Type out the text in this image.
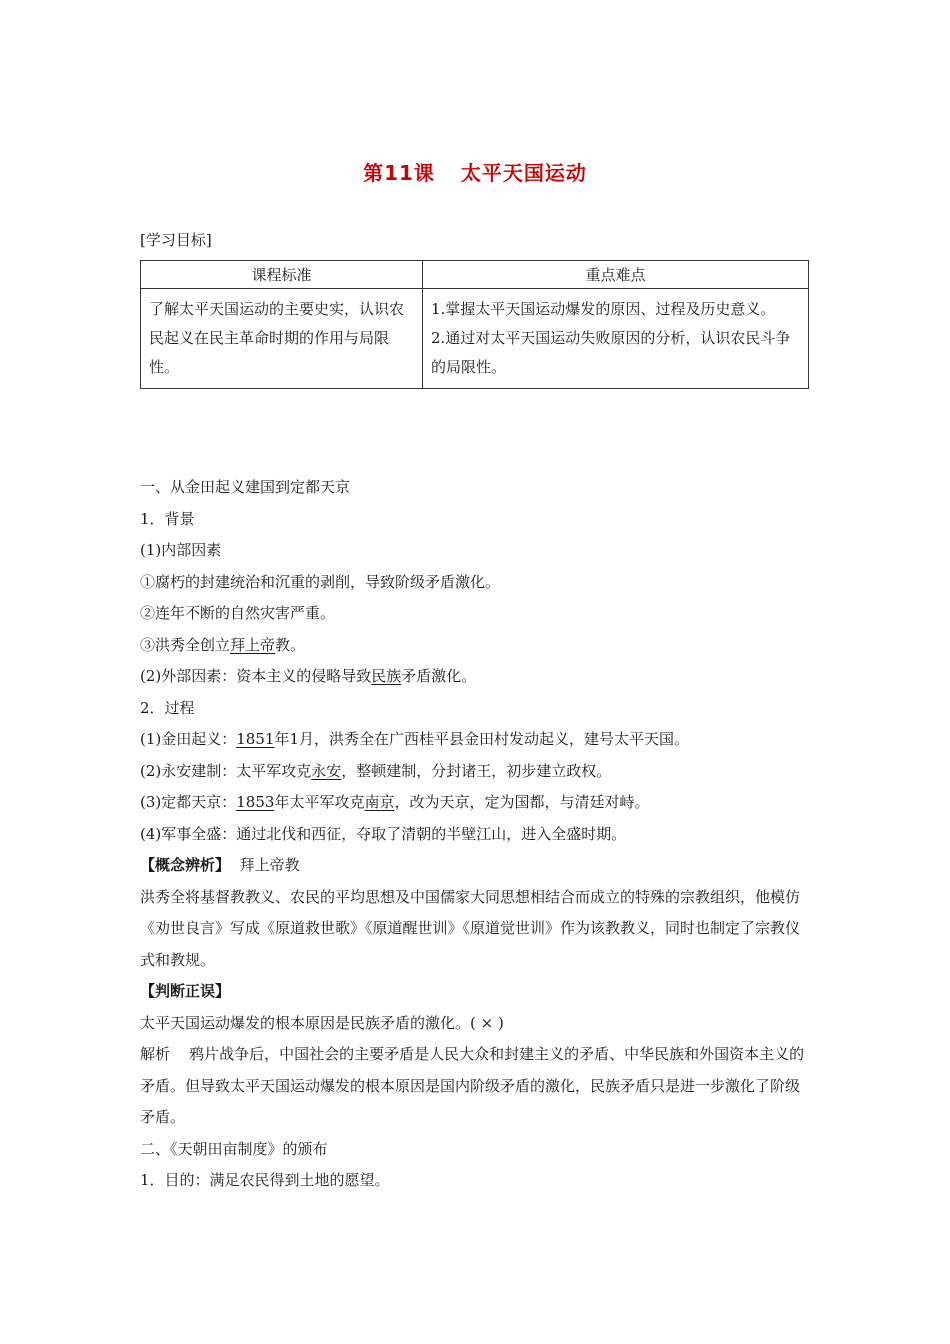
第11课 太平天国运动
[学习目标]
课程标准	重点难点
了解太平天国运动的主要史实，认识农民起义在民主革命时期的作用与局限性。	1.掌握太平天国运动爆发的原因、过程及历史意义。
2.通过对太平天国运动失败原因的分析，认识农民斗争的局限性。
一、从金田起义建国到定都天京
1．背景
(1)内部因素
①腐朽的封建统治和沉重的剥削，导致阶级矛盾激化。
②连年不断的自然灾害严重。
③洪秀全创立拜上帝教。
(2)外部因素：资本主义的侵略导致民族矛盾激化。
2．过程
(1)金田起义：1851年1月，洪秀全在广西桂平县金田村发动起义，建号太平天国。
(2)永安建制：太平军攻克永安，整顿建制，分封诸王，初步建立政权。
(3)定都天京：1853年太平军攻克南京，改为天京，定为国都，与清廷对峙。
(4)军事全盛：通过北伐和西征，夺取了清朝的半壁江山，进入全盛时期。
【概念辨析】 拜上帝教
洪秀全将基督教教义、农民的平均思想及中国儒家大同思想相结合而成立的特殊的宗教组织，他模仿《劝世良言》写成《原道救世歌》《原道醒世训》《原道觉世训》作为该教教义，同时也制定了宗教仪式和教规。
【判断正误】
太平天国运动爆发的根本原因是民族矛盾的激化。( × )
解析 鸦片战争后，中国社会的主要矛盾是人民大众和封建主义的矛盾、中华民族和外国资本主义的矛盾。但导致太平天国运动爆发的根本原因是国内阶级矛盾的激化，民族矛盾只是进一步激化了阶级矛盾。
二、《天朝田亩制度》的颁布
1．目的：满足农民得到土地的愿望。
